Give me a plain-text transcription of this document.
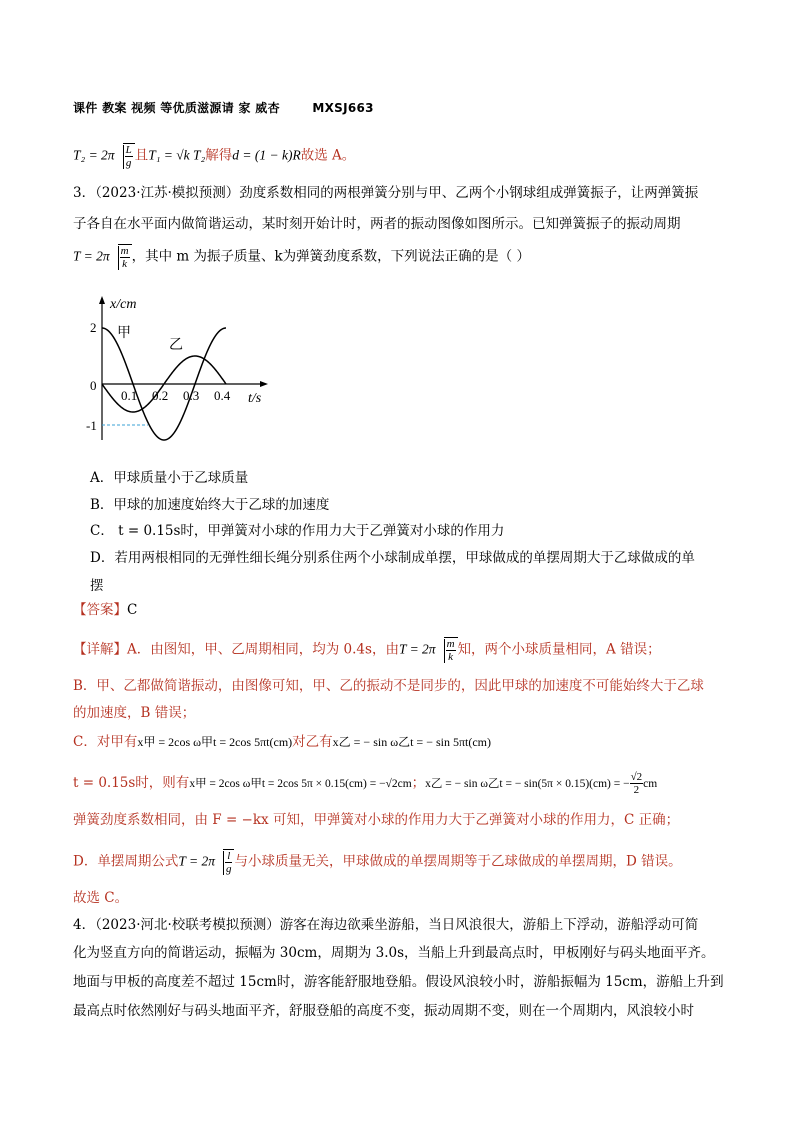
课件 教案 视频 等优质滋源请 家 威杏	MXSJ663
$T_2 = 2\pi \frac{L}{g}$ 且T₁ = √k T₂解得d = (1 − k)R故选 A。
3．（2023·江苏·模拟预测）劲度系数相同的两根弹簧分别与甲、乙两个小钢球组成弹簧振子，让两弹簧振
子各自在水平面内做简谐运动，某时刻开始计时，两者的振动图像如图所示。已知弹簧振子的振动周期
$T = 2\pi \frac{m}{k}$ ，其中 m 为振子质量、k为弹簧劲度系数，下列说法正确的是（ ）
x/cm
t/s
2
0
-1
0.1 0.2 0.3 0.4
甲
乙
A．甲球质量小于乙球质量
B．甲球的加速度始终大于乙球的加速度
C． t = 0.15s时，甲弹簧对小球的作用力大于乙弹簧对小球的作用力
D．若用两根相同的无弹性细长绳分别系住两个小球制成单摆，甲球做成的单摆周期大于乙球做成的单
摆
【答案】C
【详解】A．由图知，甲、乙周期相同，均为 0.4s，由$T = 2\pi \frac{m}{k}$ 知，两个小球质量相同，A 错误；
B．甲、乙都做简谐振动，由图像可知，甲、乙的振动不是同步的，因此甲球的加速度不可能始终大于乙球
的加速度，B 错误；
C．对甲有x甲 = 2cos ω甲t = 2cos 5πt(cm)对乙有x乙 = − sin ω乙t = − sin 5πt(cm)
t = 0.15s时，则有x甲 = 2cos ω甲t = 2cos 5π × 0.15(cm) = −√2cm；x乙 = − sin ω乙t = − sin(5π × 0.15)(cm) = − $\frac{√2}{2}$ cm
弹簧劲度系数相同，由 F = −kx 可知，甲弹簧对小球的作用力大于乙弹簧对小球的作用力，C 正确；
D．单摆周期公式$T = 2\pi \frac{l}{g}$ 与小球质量无关，甲球做成的单摆周期等于乙球做成的单摆周期，D 错误。
故选 C。
4．（2023·河北·校联考模拟预测）游客在海边欲乘坐游船，当日风浪很大，游船上下浮动，游船浮动可简
化为竖直方向的简谐运动，振幅为 30cm，周期为 3.0s，当船上升到最高点时，甲板刚好与码头地面平齐。
地面与甲板的高度差不超过 15cm时，游客能舒服地登船。假设风浪较小时，游船振幅为 15cm，游船上升到
最高点时依然刚好与码头地面平齐，舒服登船的高度不变，振动周期不变，则在一个周期内，风浪较小时
